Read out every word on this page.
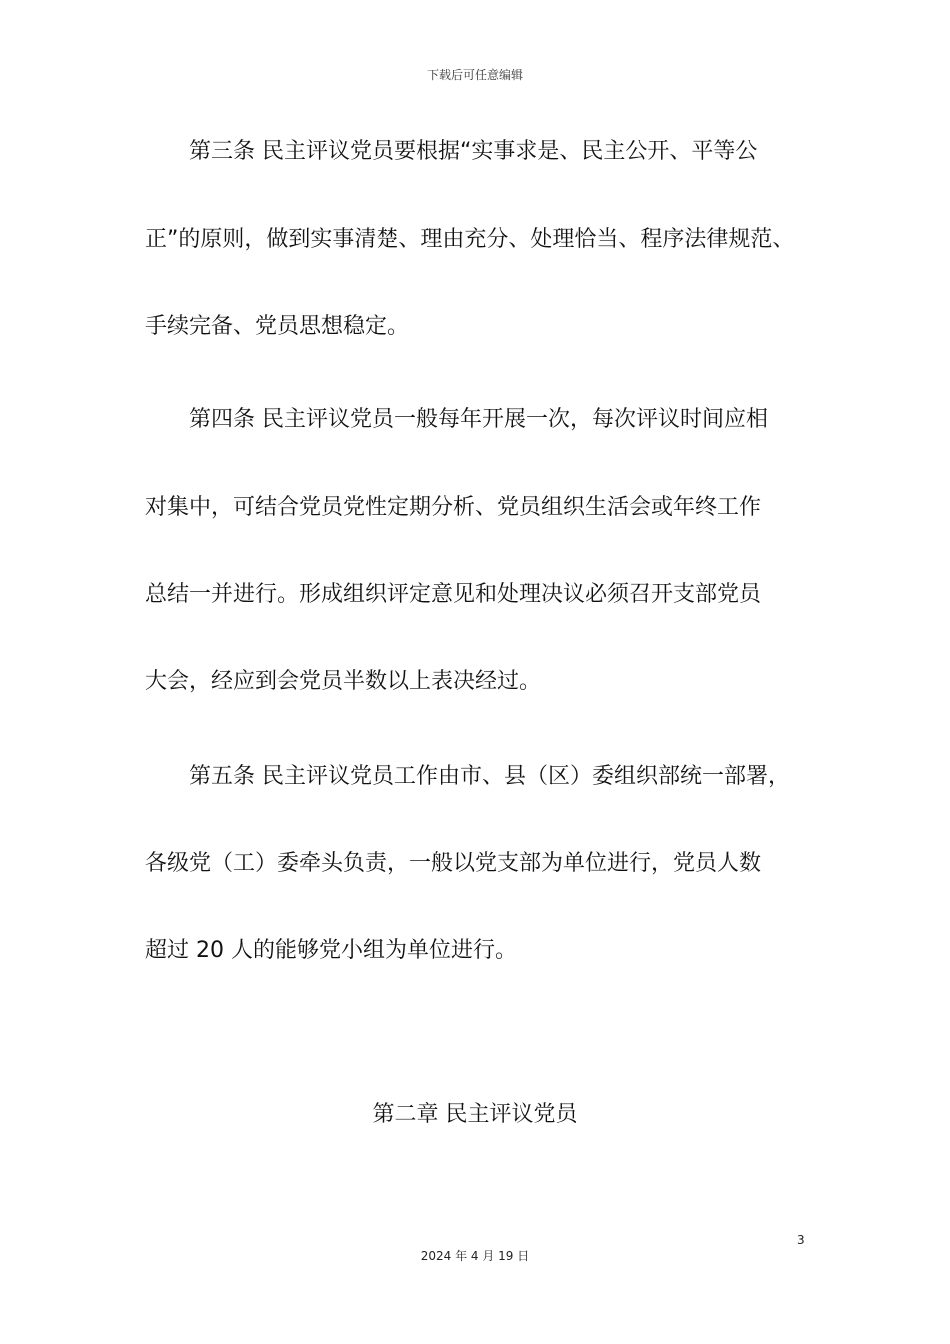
下载后可任意编辑
第三条 民主评议党员要根据“实事求是、民主公开、平等公
正”的原则，做到实事清楚、理由充分、处理恰当、程序法律规范、
手续完备、党员思想稳定。
第四条 民主评议党员一般每年开展一次，每次评议时间应相
对集中，可结合党员党性定期分析、党员组织生活会或年终工作
总结一并进行。形成组织评定意见和处理决议必须召开支部党员
大会，经应到会党员半数以上表决经过。
第五条 民主评议党员工作由市、县（区）委组织部统一部署，
各级党（工）委牵头负责，一般以党支部为单位进行，党员人数
超过 20 人的能够党小组为单位进行。
第二章 民主评议党员
3
2024 年 4 月 19 日
